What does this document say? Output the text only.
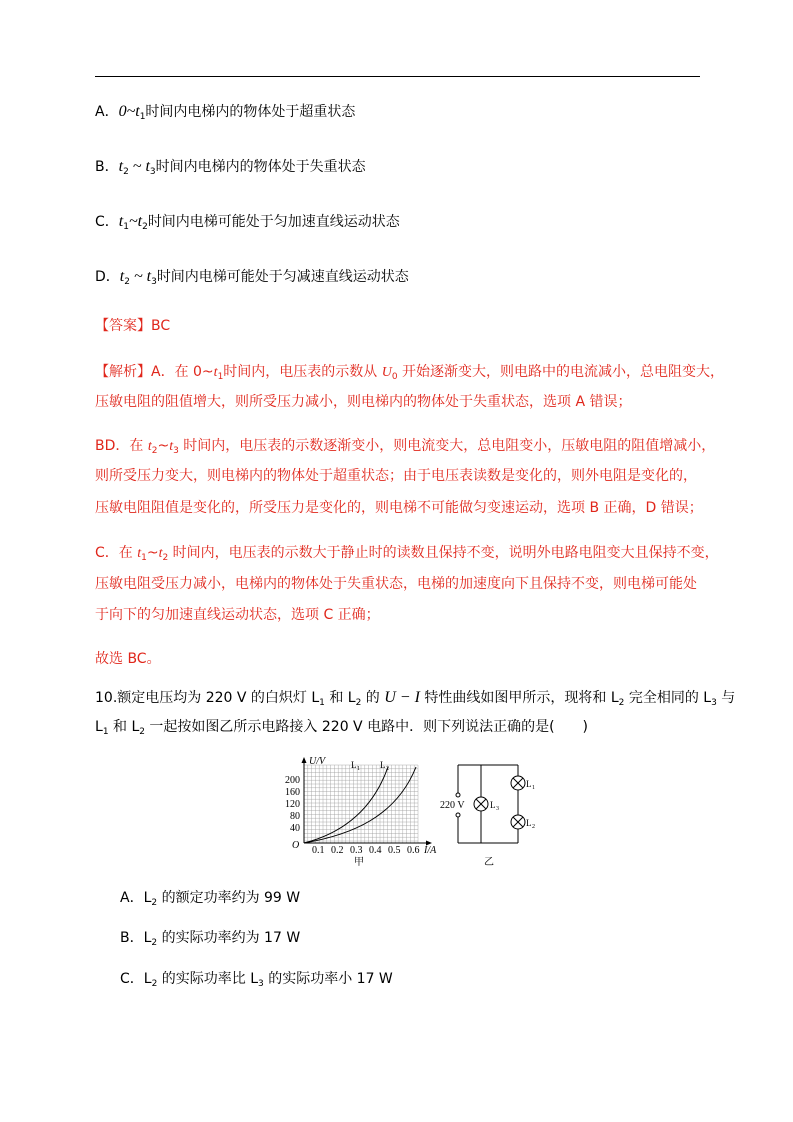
A．$0\sim t_1$时间内电梯内的物体处于超重状态
B．$t_2$ ~ $t_3$时间内电梯内的物体处于失重状态
C．$t_1\sim t_2$时间内电梯可能处于匀加速直线运动状态
D．$t_2$ ~ $t_3$时间内电梯可能处于匀减速直线运动状态
【答案】BC
【解析】A．在 $0\sim t_1$时间内，电压表的示数从 $U_0$ 开始逐渐变大，则电路中的电流减小，总电阻变大，
压敏电阻的阻值增大，则所受压力减小，则电梯内的物体处于失重状态，选项 A 错误；
BD．在 $t_2\sim t_3$ 时间内，电压表的示数逐渐变小，则电流变大，总电阻变小，压敏电阻的阻值增减小，
则所受压力变大，则电梯内的物体处于超重状态；由于电压表读数是变化的，则外电阻是变化的，
压敏电阻阻值是变化的，所受压力是变化的，则电梯不可能做匀变速运动，选项 B 正确，D 错误；
C．在 $t_1\sim t_2$ 时间内，电压表的示数大于静止时的读数且保持不变，说明外电路电阻变大且保持不变，
压敏电阻受压力减小，电梯内的物体处于失重状态，电梯的加速度向下且保持不变，则电梯可能处
于向下的匀加速直线运动状态，选项 C 正确；
故选 BC。
10.额定电压均为 220 V 的白炽灯 $L_1$ 和 $L_2$ 的 U − I 特性曲线如图甲所示，现将和 $L_2$ 完全相同的 $L_3$ 与
$L_1$ 和 $L_2$ 一起按如图乙所示电路接入 220 V 电路中．则下列说法正确的是(　　)
U/V
200
160
120
80
40
O 0.1 0.2 0.3 0.4 0.5 0.6 I/A
L 1 L 2
甲
220 V	L 3
L 1
L 2
乙
A．$L_2$ 的额定功率约为 99 W
B．$L_2$ 的实际功率约为 17 W
C．$L_2$ 的实际功率比 $L_3$ 的实际功率小 17 W
